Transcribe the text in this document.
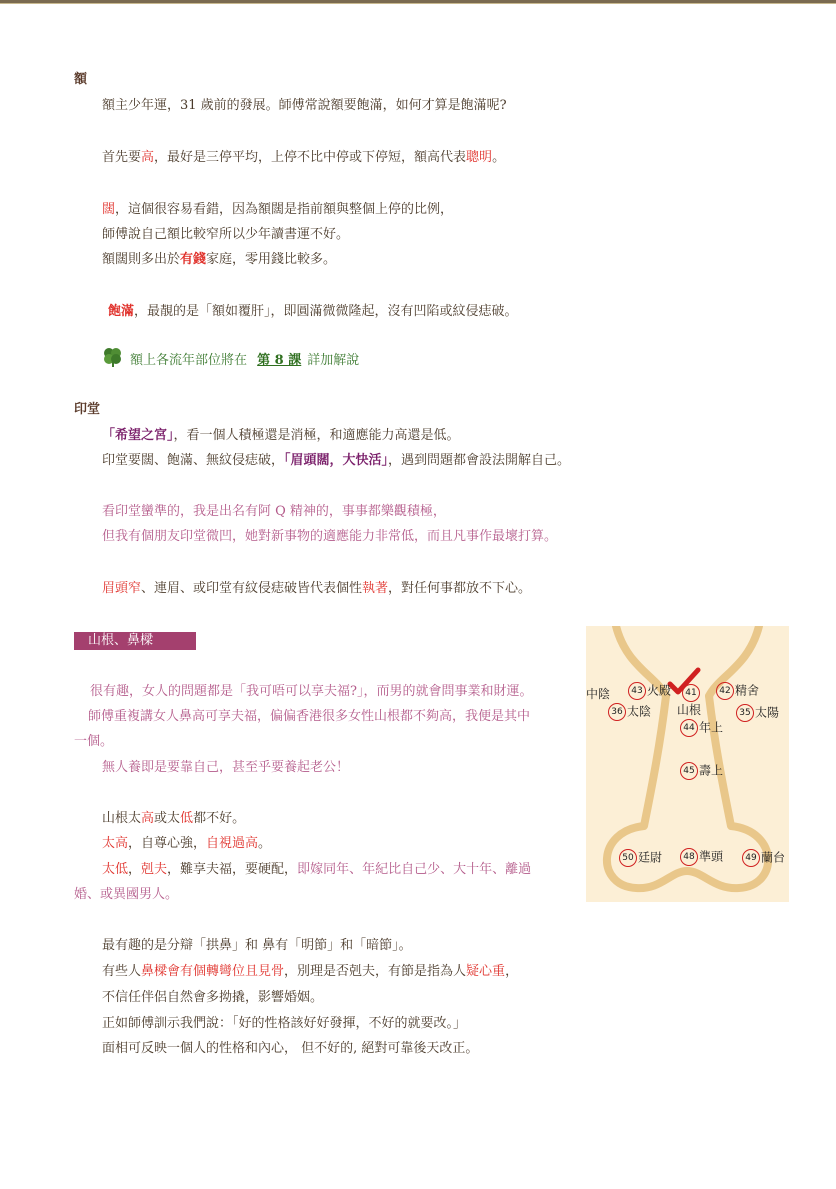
額
額主少年運，31 歲前的發展。師傅常說額要飽滿，如何才算是飽滿呢?
首先要高，最好是三停平均，上停不比中停或下停短，額高代表聰明。
闊，這個很容易看錯，因為額闊是指前額與整個上停的比例，
師傅說自己額比較窄所以少年讀書運不好。
額闊則多出於有錢家庭，零用錢比較多。
飽滿，最靚的是「額如覆肝」，即圓滿微微隆起，沒有凹陷或紋侵痣破。
額上各流年部位將在 第 8 課 詳加解說
印堂
「希望之宮」，看一個人積極還是消極，和適應能力高還是低。
印堂要闊、飽滿、無紋侵痣破，「眉頭闊，大快活」，遇到問題都會設法開解自己。
看印堂蠻準的，我是出名有阿 Q 精神的，事事都樂觀積極，
但我有個朋友印堂微凹，她對新事物的適應能力非常低，而且凡事作最壞打算。
眉頭窄、連眉、或印堂有紋侵痣破皆代表個性執著，對任何事都放不下心。
山根、鼻樑
很有趣，女人的問題都是「我可唔可以享夫福?」，而男的就會問事業和財運。
師傅重複講女人鼻高可享夫福，偏偏香港很多女性山根都不夠高，我便是其中
一個。
無人養即是要靠自己，甚至乎要養起老公！
山根太高或太低都不好。
太高，自尊心強，自視過高。
太低，剋夫，難享夫福，要硬配，即嫁同年、年紀比自己少、大十年、離過
婚、或異國男人。
最有趣的是分辯「拱鼻」和 鼻有「明節」和「暗節」。
有些人鼻樑會有個轉彎位且見骨，別理是否剋夫，有節是指為人疑心重，
不信任伴侶自然會多拗撬，影響婚姻。
正如師傅訓示我們說：「好的性格該好好發揮，不好的就要改。」
面相可反映一個人的性格和內心， 但不好的, 絕對可靠後天改正。
中陰	43 火殿	41
山根
42 精舍
36 太陰	35 太陽
44 年上
45 壽上
50 廷尉	48 準頭	49 蘭台
